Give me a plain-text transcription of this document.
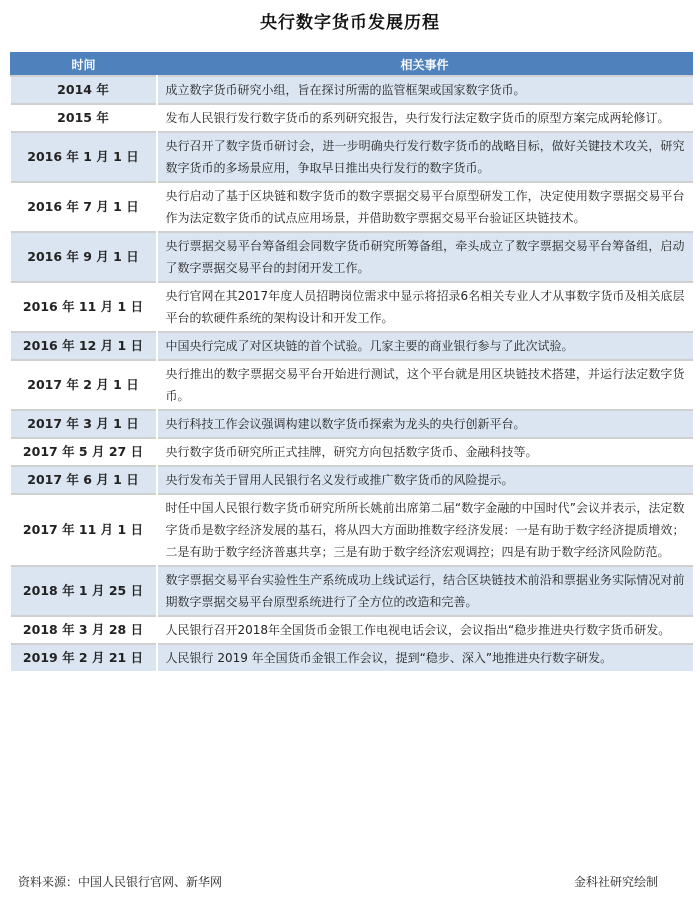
央行数字货币发展历程
时间	相关事件
2014 年	成立数字货币研究小组，旨在探讨所需的监管框架或国家数字货币。
2015 年	发布人民银行发行数字货币的系列研究报告，央行发行法定数字货币的原型方案完成两轮修订。
2016 年 1 月 1 日	央行召开了数字货币研讨会，进一步明确央行发行数字货币的战略目标，做好关键技术攻关，研究数字货币的多场景应用，争取早日推出央行发行的数字货币。
2016 年 7 月 1 日	央行启动了基于区块链和数字货币的数字票据交易平台原型研发工作，决定使用数字票据交易平台作为法定数字货币的试点应用场景，并借助数字票据交易平台验证区块链技术。
2016 年 9 月 1 日	央行票据交易平台筹备组会同数字货币研究所筹备组，牵头成立了数字票据交易平台筹备组，启动了数字票据交易平台的封闭开发工作。
2016 年 11 月 1 日	央行官网在其2017年度人员招聘岗位需求中显示将招录6名相关专业人才从事数字货币及相关底层平台的软硬件系统的架构设计和开发工作。
2016 年 12 月 1 日	中国央行完成了对区块链的首个试验。几家主要的商业银行参与了此次试验。
2017 年 2 月 1 日	央行推出的数字票据交易平台开始进行测试，这个平台就是用区块链技术搭建，并运行法定数字货币。
2017 年 3 月 1 日	央行科技工作会议强调构建以数字货币探索为龙头的央行创新平台。
2017 年 5 月 27 日	央行数字货币研究所正式挂牌，研究方向包括数字货币、金融科技等。
2017 年 6 月 1 日	央行发布关于冒用人民银行名义发行或推广数字货币的风险提示。
2017 年 11 月 1 日	时任中国人民银行数字货币研究所所长姚前出席第二届“数字金融的中国时代”会议并表示，法定数字货币是数字经济发展的基石，将从四大方面助推数字经济发展：一是有助于数字经济提质增效；二是有助于数字经济普惠共享；三是有助于数字经济宏观调控；四是有助于数字经济风险防范。
2018 年 1 月 25 日	数字票据交易平台实验性生产系统成功上线试运行，结合区块链技术前沿和票据业务实际情况对前期数字票据交易平台原型系统进行了全方位的改造和完善。
2018 年 3 月 28 日	人民银行召开2018年全国货币金银工作电视电话会议，会议指出“稳步推进央行数字货币研发。
2019 年 2 月 21 日	人民银行 2019 年全国货币金银工作会议，提到“稳步、深入”地推进央行数字研发。
资料来源：中国人民银行官网、新华网	金科社研究绘制
